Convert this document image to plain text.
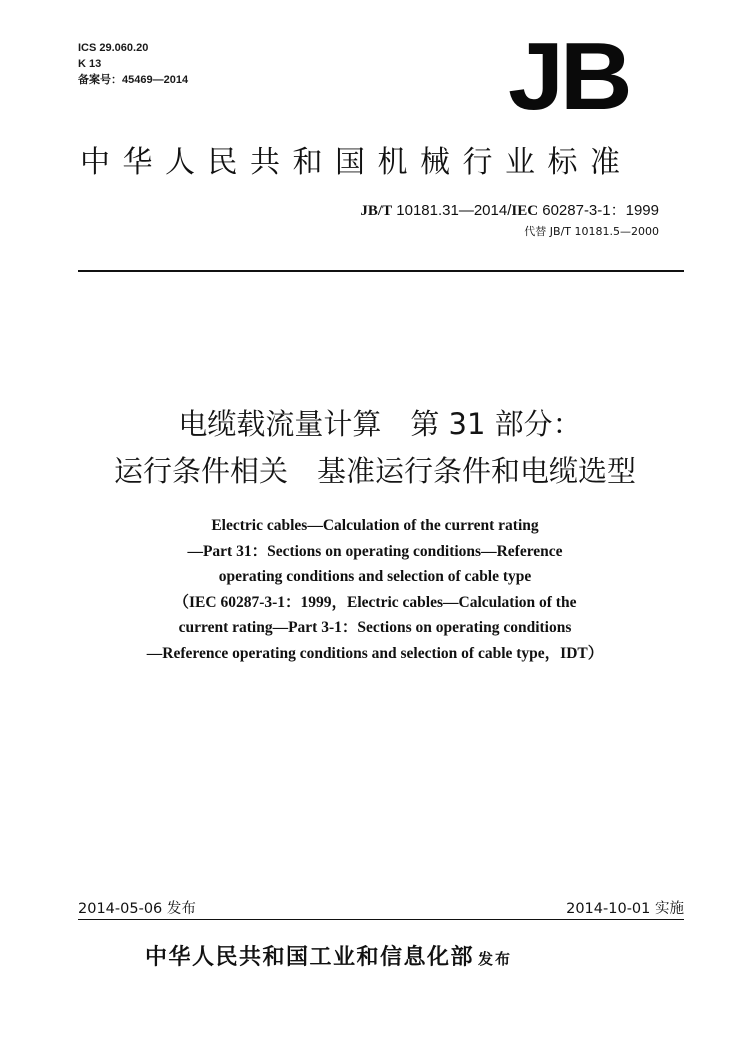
ICS 29.060.20
K 13
备案号：45469—2014	JB
中华人民共和国机械行业标准
JB/T 10181.31—2014/IEC 60287-3-1：1999
代替 JB/T 10181.5—2000
电缆载流量计算　第 31 部分：
运行条件相关　基准运行条件和电缆选型
Electric cables—Calculation of the current rating
—Part 31：Sections on operating conditions—Reference
operating conditions and selection of cable type
（IEC 60287-3-1：1999，Electric cables—Calculation of the
current rating—Part 3-1：Sections on operating conditions
—Reference operating conditions and selection of cable type，IDT）
2014-05-06 发布	2014-10-01 实施
中华人民共和国工业和信息化部 发布
